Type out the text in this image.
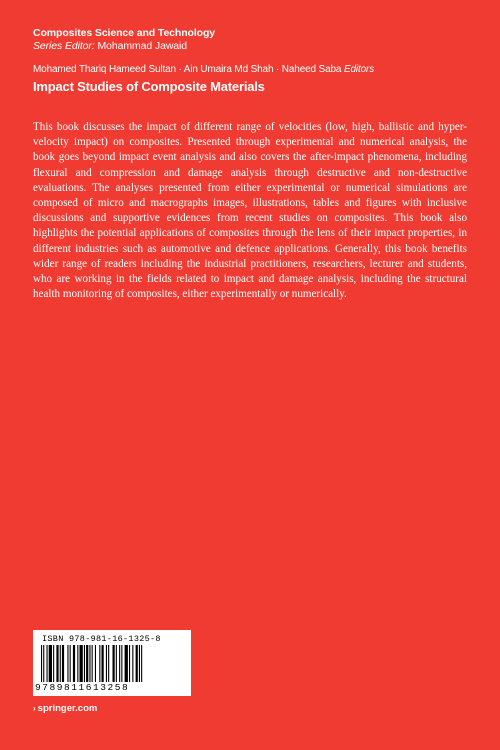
Composites Science and Technology
Series Editor: Mohammad Jawaid
Mohamed Thariq Hameed Sultan · Ain Umaira Md Shah · Naheed Saba Editors
Impact Studies of Composite Materials

This book discusses the impact of different range of velocities (low, high, ballistic and hyper-velocity impact) on composites. Presented through experimental and numerical analysis, the book goes beyond impact event analysis and also covers the after-impact phenomena, including flexural and compression and damage analysis through destructive and non-destructive evaluations. The analyses presented from either experimental or numerical simulations are composed of micro and macrographs images, illustrations, tables and figures with inclusive discussions and supportive evidences from recent studies on composites. This book also highlights the potential applications of composites through the lens of their impact properties, in different industries such as automotive and defence applications. Generally, this book benefits wider range of readers including the industrial practitioners, researchers, lecturer and students, who are working in the fields related to impact and damage analysis, including the structural health monitoring of composites, either experimentally or numerically.

ISBN 978-981-16-1325-8
9789811613258
› springer.com
